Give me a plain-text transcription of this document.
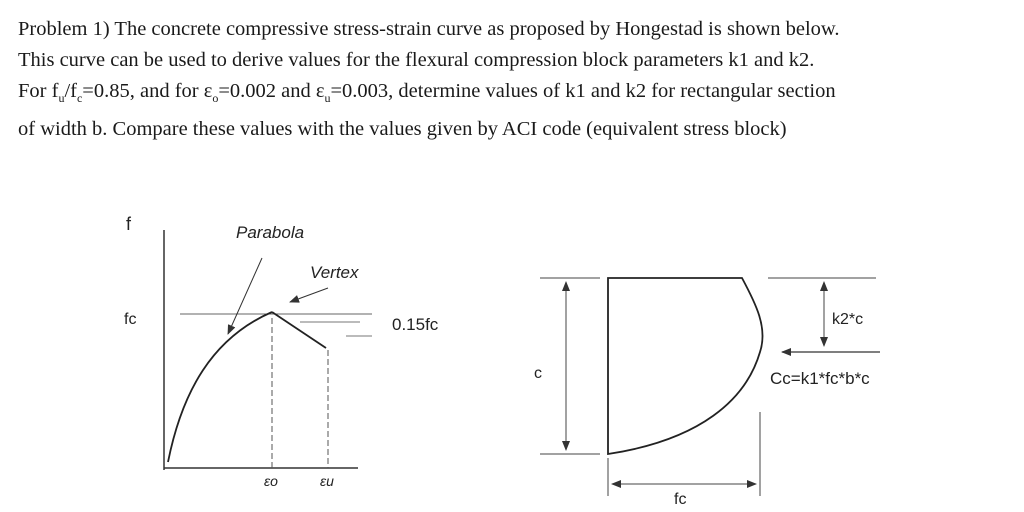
Problem 1) The concrete compressive stress-strain curve as proposed by Hongestad is shown below.
This curve can be used to derive values for the flexural compression block parameters k1 and k2.
For $f_u/f_c=0.85$, and for $\varepsilon_o=0.002$ and $\varepsilon_u=0.003$, determine values of k1 and k2 for rectangular section
of width b. Compare these values with the values given by ACI code (equivalent stress block)
f
fc
Parabola
Vertex
0.15fc
εo	εu
c
fc
k2*c
Cc=k1*fc*b*c
